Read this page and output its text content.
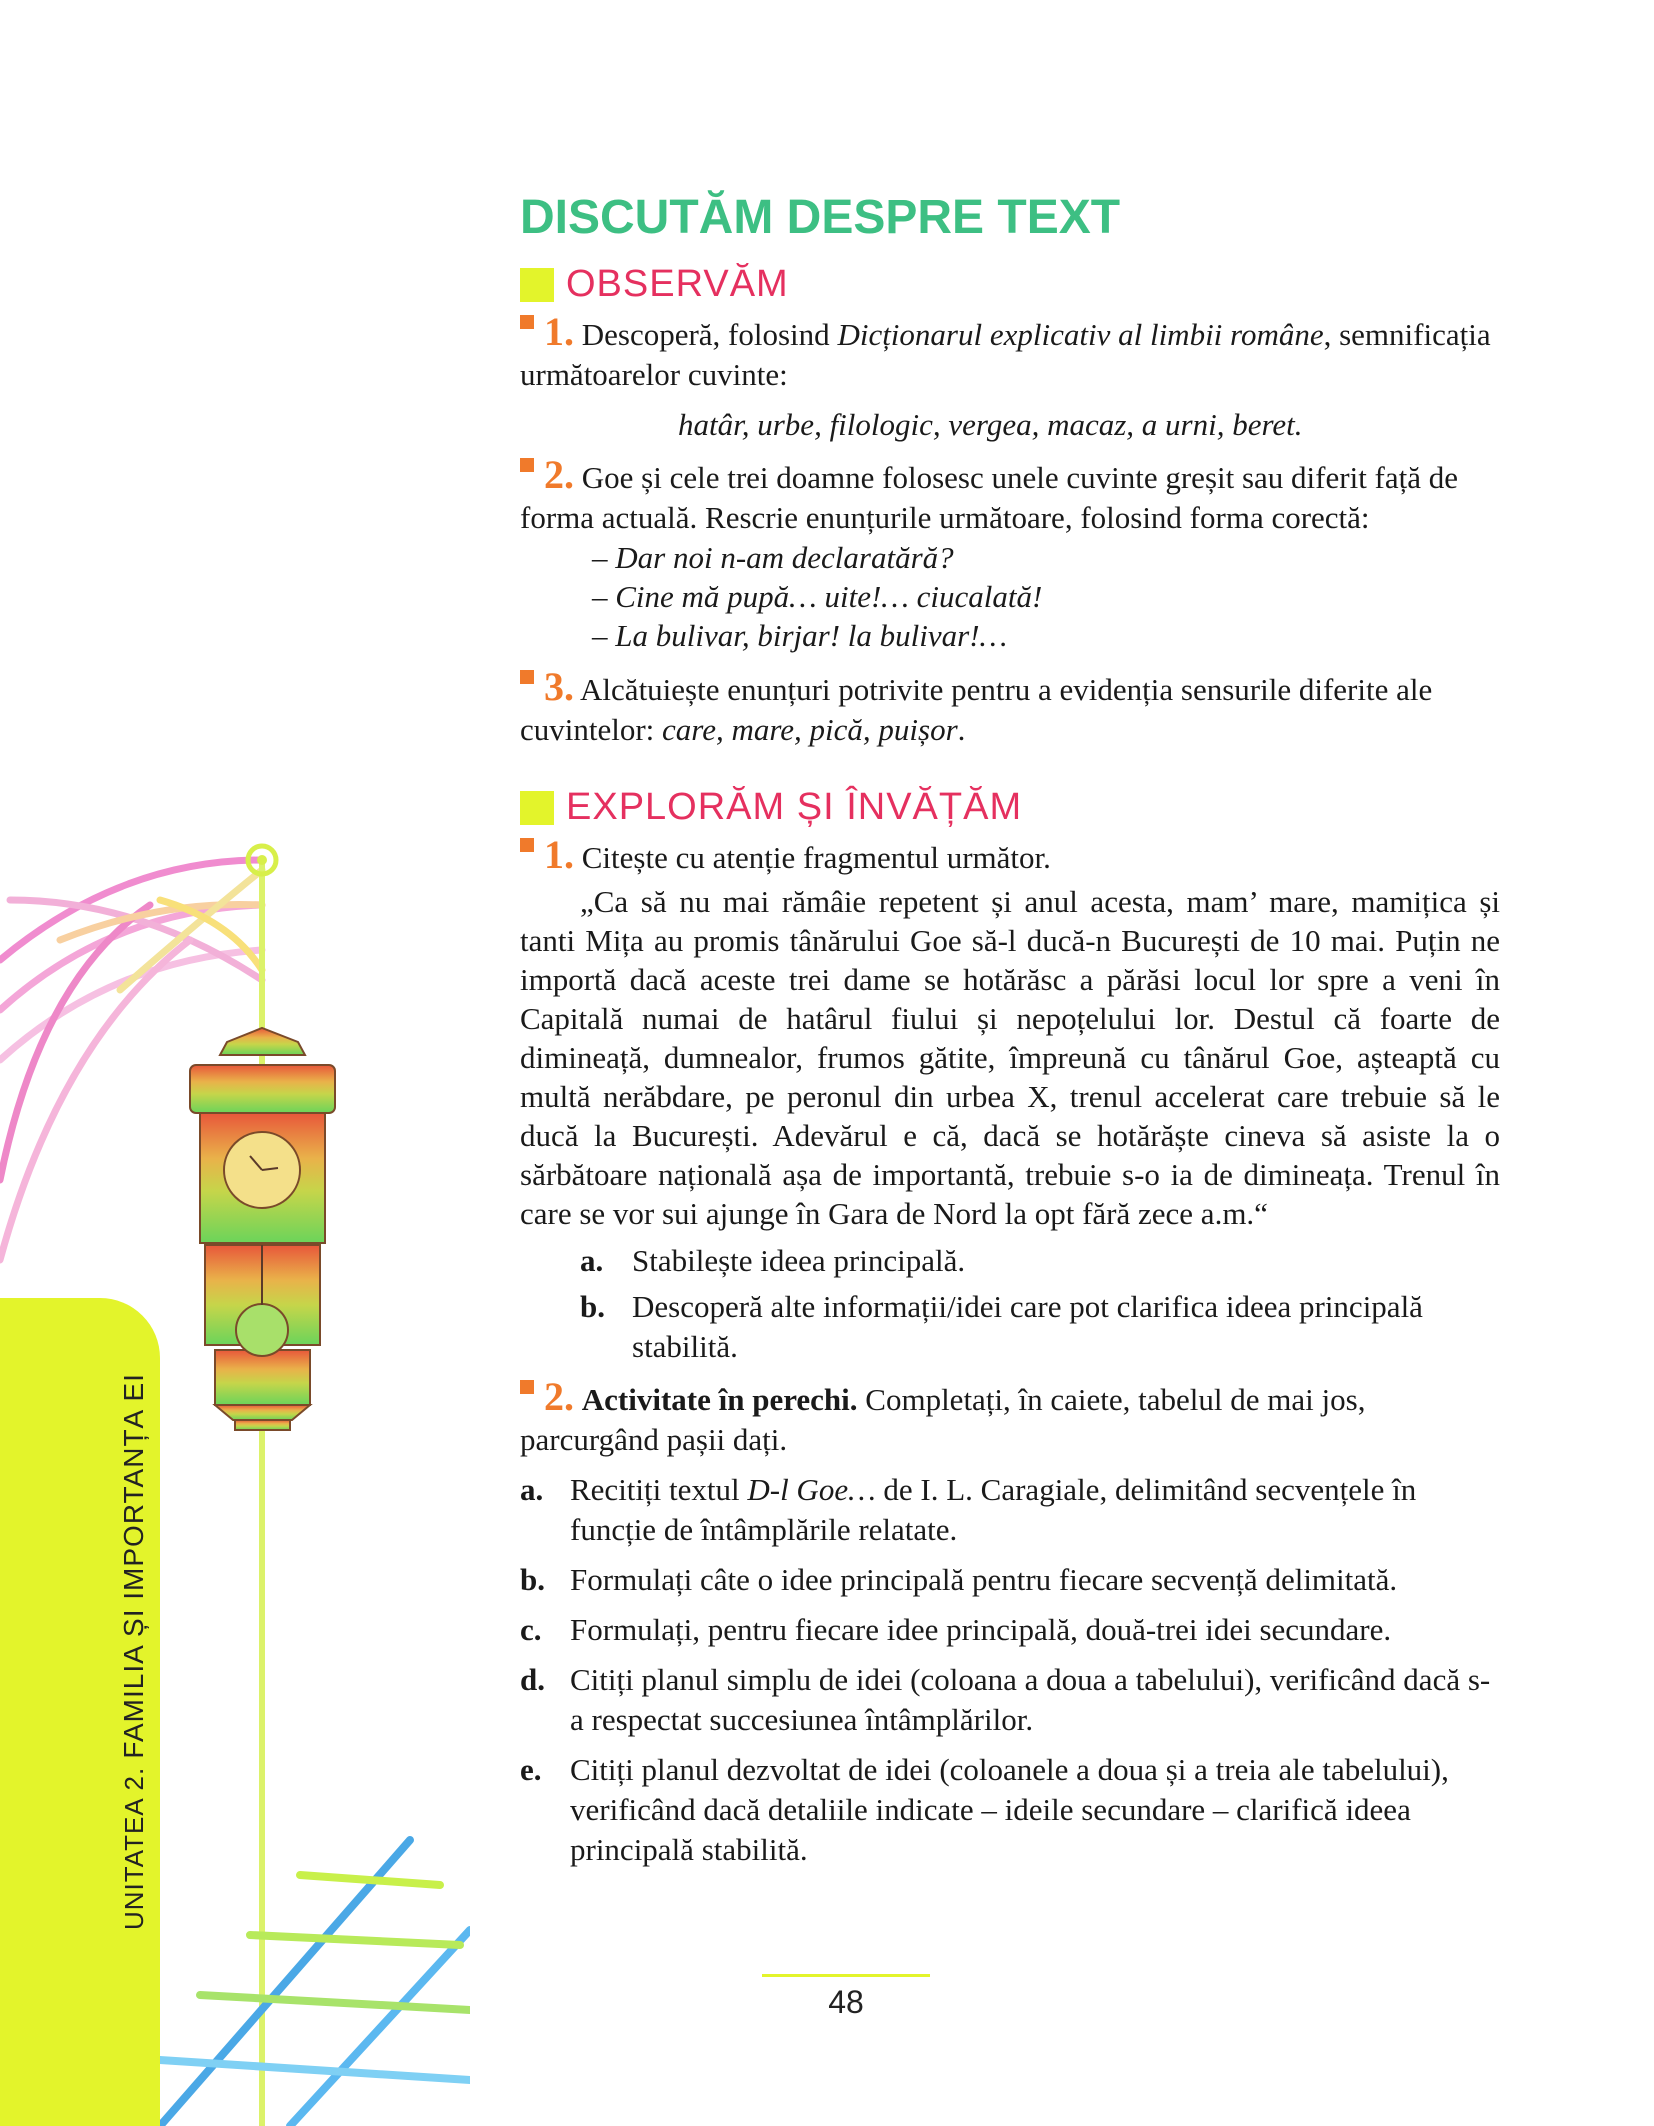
UNITATEA 2. FAMILIA ȘI IMPORTANȚA EI
DISCUTĂM DESPRE TEXT
OBSERVĂM
1. Descoperă, folosind Dicționarul explicativ al limbii române, semnificația următoarelor cuvinte:
hatâr, urbe, filologic, vergea, macaz, a urni, beret.
2. Goe și cele trei doamne folosesc unele cuvinte greșit sau diferit față de forma actuală. Rescrie enunțurile următoare, folosind forma corectă:
– Dar noi n-am declaratără?
– Cine mă pupă… uite!… ciucalată!
– La bulivar, birjar! la bulivar!…
3. Alcătuiește enunțuri potrivite pentru a evidenția sensurile diferite ale cuvintelor: care, mare, pică, puișor.
EXPLORĂM ȘI ÎNVĂȚĂM
1. Citește cu atenție fragmentul următor.
„Ca să nu mai rămâie repetent și anul acesta, mam’ mare, mamițica și tanti Mița au promis tânărului Goe să-l ducă-n București de 10 mai. Puțin ne importă dacă aceste trei dame se hotărăsc a părăsi locul lor spre a veni în Capitală numai de hatârul fiului și nepoțelului lor. Destul că foarte de dimineață, dumnealor, frumos gătite, împreună cu tânărul Goe, așteaptă cu multă nerăbdare, pe peronul din urbea X, trenul accelerat care trebuie să le ducă la București. Adevărul e că, dacă se hotărăște cineva să asiste la o sărbătoare națională așa de importantă, trebuie s-o ia de dimineața. Trenul în care se vor sui ajunge în Gara de Nord la opt fără zece a.m.“
a. Stabilește ideea principală.
b. Descoperă alte informații/idei care pot clarifica ideea principală stabilită.
2. Activitate în perechi. Completați, în caiete, tabelul de mai jos, parcurgând pașii dați.
a. Recitiți textul D-l Goe… de I. L. Caragiale, delimitând secvențele în funcție de întâmplările relatate.
b. Formulați câte o idee principală pentru fiecare secvență delimitată.
c. Formulați, pentru fiecare idee principală, două-trei idei secundare.
d. Citiți planul simplu de idei (coloana a doua a tabelului), verificând dacă s-a respectat succesiunea întâmplărilor.
e. Citiți planul dezvoltat de idei (coloanele a doua și a treia ale tabelului), verificând dacă detaliile indicate – ideile secundare – clarifică ideea principală stabilită.
48
